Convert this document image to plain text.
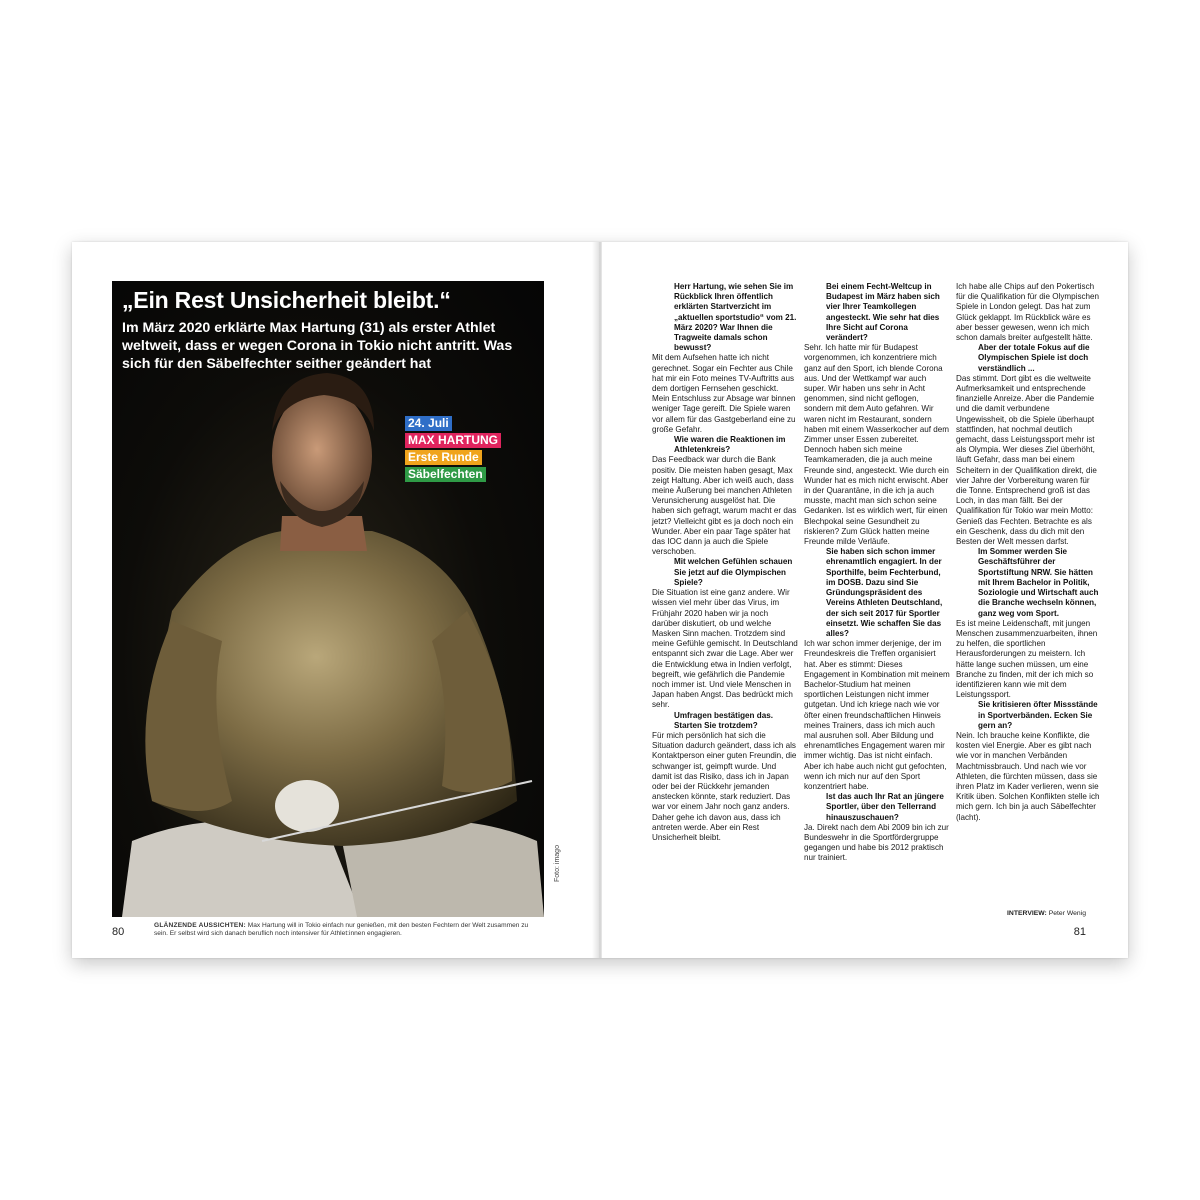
„Ein Rest Unsicherheit bleibt.“
Im März 2020 erklärte Max Hartung (31) als erster Athlet weltweit, dass er wegen Corona in Tokio nicht antritt. Was sich für den Säbelfechter seither geändert hat
24. Juli
MAX HARTUNG
Erste Runde
Säbelfechten
Foto: imago
80
GLÄNZENDE AUSSICHTEN: Max Hartung will in Tokio einfach nur genießen, mit den besten Fechtern der Welt zusammen zu sein. Er selbst wird sich danach beruflich noch intensiver für Athlet:innen engagieren.

Herr Hartung, wie sehen Sie im Rückblick Ihren öffentlich erklärten Startverzicht im „aktuellen sportstudio“ vom 21. März 2020? War Ihnen die Tragweite damals schon bewusst?

Mit dem Aufsehen hatte ich nicht gerechnet. Sogar ein Fechter aus Chile hat mir ein Foto meines TV-Auftritts aus dem dortigen Fernsehen geschickt. Mein Entschluss zur Absage war binnen weniger Tage gereift. Die Spiele waren vor allem für das Gastgeberland eine zu große Gefahr.

Wie waren die Reaktionen im Athletenkreis?

Das Feedback war durch die Bank positiv. Die meisten haben gesagt, Max zeigt Haltung. Aber ich weiß auch, dass meine Äußerung bei manchen Athleten Verunsicherung ausgelöst hat. Die haben sich gefragt, warum macht er das jetzt? Vielleicht gibt es ja doch noch ein Wunder. Aber ein paar Tage später hat das IOC dann ja auch die Spiele verschoben.

Mit welchen Gefühlen schauen Sie jetzt auf die Olympischen Spiele?

Die Situation ist eine ganz andere. Wir wissen viel mehr über das Virus, im Frühjahr 2020 haben wir ja noch darüber diskutiert, ob und welche Masken Sinn machen. Trotzdem sind meine Gefühle gemischt. In Deutschland entspannt sich zwar die Lage. Aber wer die Entwicklung etwa in Indien verfolgt, begreift, wie gefährlich die Pandemie noch immer ist. Und viele Menschen in Japan haben Angst. Das bedrückt mich sehr.

Umfragen bestätigen das. Starten Sie trotzdem?

Für mich persönlich hat sich die Situation dadurch geändert, dass ich als Kontaktperson einer guten Freundin, die schwanger ist, geimpft wurde. Und damit ist das Risiko, dass ich in Japan oder bei der Rückkehr jemanden anstecken könnte, stark reduziert. Das war vor einem Jahr noch ganz anders. Daher gehe ich davon aus, dass ich antreten werde. Aber ein Rest Unsicherheit bleibt.

Bei einem Fecht-Weltcup in Budapest im März haben sich vier Ihrer Teamkollegen angesteckt. Wie sehr hat dies Ihre Sicht auf Corona verändert?

Sehr. Ich hatte mir für Budapest vorgenommen, ich konzentriere mich ganz auf den Sport, ich blende Corona aus. Und der Wettkampf war auch super. Wir haben uns sehr in Acht genommen, sind nicht geflogen, sondern mit dem Auto gefahren. Wir waren nicht im Restaurant, sondern haben mit einem Wasserkocher auf dem Zimmer unser Essen zubereitet. Dennoch haben sich meine Teamkameraden, die ja auch meine Freunde sind, angesteckt. Wie durch ein Wunder hat es mich nicht erwischt. Aber in der Quarantäne, in die ich ja auch musste, macht man sich schon seine Gedanken. Ist es wirklich wert, für einen Blechpokal seine Gesundheit zu riskieren? Zum Glück hatten meine Freunde milde Verläufe.

Sie haben sich schon immer ehrenamtlich engagiert. In der Sporthilfe, beim Fechterbund, im DOSB. Dazu sind Sie Gründungspräsident des Vereins Athleten Deutschland, der sich seit 2017 für Sportler einsetzt. Wie schaffen Sie das alles?

Ich war schon immer derjenige, der im Freundeskreis die Treffen organisiert hat. Aber es stimmt: Dieses Engagement in Kombination mit meinem Bachelor-Studium hat meinen sportlichen Leistungen nicht immer gutgetan. Und ich kriege nach wie vor öfter einen freundschaftlichen Hinweis meines Trainers, dass ich mich auch mal ausruhen soll. Aber Bildung und ehrenamtliches Engagement waren mir immer wichtig. Das ist nicht einfach. Aber ich habe auch nicht gut gefochten, wenn ich mich nur auf den Sport konzentriert habe.

Ist das auch Ihr Rat an jüngere Sportler, über den Tellerrand hinauszuschauen?

Ja. Direkt nach dem Abi 2009 bin ich zur Bundeswehr in die Sportfördergruppe gegangen und habe bis 2012 praktisch nur trainiert.

Ich habe alle Chips auf den Pokertisch für die Qualifikation für die Olympischen Spiele in London gelegt. Das hat zum Glück geklappt. Im Rückblick wäre es aber besser gewesen, wenn ich mich schon damals breiter aufgestellt hätte.

Aber der totale Fokus auf die Olympischen Spiele ist doch verständlich ...

Das stimmt. Dort gibt es die weltweite Aufmerksamkeit und entsprechende finanzielle Anreize. Aber die Pandemie und die damit verbundene Ungewissheit, ob die Spiele überhaupt stattfinden, hat nochmal deutlich gemacht, dass Leistungssport mehr ist als Olympia. Wer dieses Ziel überhöht, läuft Gefahr, dass man bei einem Scheitern in der Qualifikation direkt, die vier Jahre der Vorbereitung waren für die Tonne. Entsprechend groß ist das Loch, in das man fällt. Bei der Qualifikation für Tokio war mein Motto: Genieß das Fechten. Betrachte es als ein Geschenk, dass du dich mit den Besten der Welt messen darfst.

Im Sommer werden Sie Geschäftsführer der Sportstiftung NRW. Sie hätten mit Ihrem Bachelor in Politik, Soziologie und Wirtschaft auch die Branche wechseln können, ganz weg vom Sport.

Es ist meine Leidenschaft, mit jungen Menschen zusammenzuarbeiten, ihnen zu helfen, die sportlichen Herausforderungen zu meistern. Ich hätte lange suchen müssen, um eine Branche zu finden, mit der ich mich so identifizieren kann wie mit dem Leistungssport.

Sie kritisieren öfter Missstände in Sportverbänden. Ecken Sie gern an?

Nein. Ich brauche keine Konflikte, die kosten viel Energie. Aber es gibt nach wie vor in manchen Verbänden Machtmissbrauch. Und nach wie vor Athleten, die fürchten müssen, dass sie ihren Platz im Kader verlieren, wenn sie Kritik üben. Solchen Konflikten stelle ich mich gern. Ich bin ja auch Säbelfechter (lacht).

INTERVIEW: Peter Wenig
81
